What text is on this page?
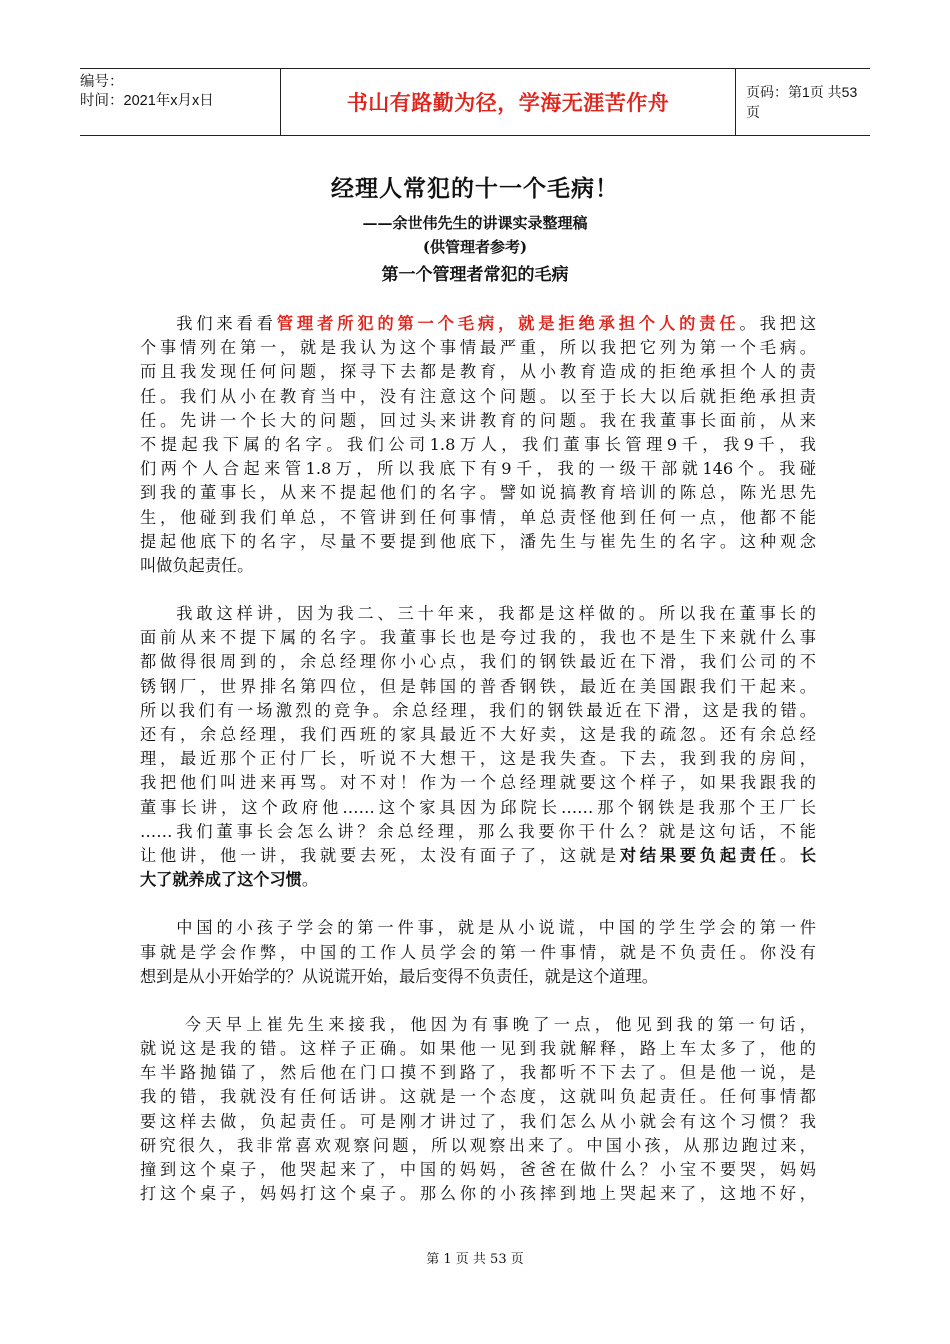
编号：
时间：2021年x月x日	书山有路勤为径，学海无涯苦作舟	页码：第1页 共53页
经理人常犯的十一个毛病！
——余世伟先生的讲课实录整理稿
(供管理者参考)
第一个管理者常犯的毛病
  我们来看看管理者所犯的第一个毛病，就是拒绝承担个人的责任。我把这
个事情列在第一，就是我认为这个事情最严重，所以我把它列为第一个毛病。
而且我发现任何问题，探寻下去都是教育，从小教育造成的拒绝承担个人的责
任。我们从小在教育当中，没有注意这个问题。以至于长大以后就拒绝承担责
任。先讲一个长大的问题，回过头来讲教育的问题。我在我董事长面前，从来
不提起我下属的名字。我们公司1.8万人，我们董事长管理9千，我9千，我
们两个人合起来管1.8万，所以我底下有9千，我的一级干部就146个。我碰
到我的董事长，从来不提起他们的名字。譬如说搞教育培训的陈总，陈光思先
生，他碰到我们单总，不管讲到任何事情，单总责怪他到任何一点，他都不能
提起他底下的名字，尽量不要提到他底下，潘先生与崔先生的名字。这种观念
叫做负起责任。
  我敢这样讲，因为我二、三十年来，我都是这样做的。所以我在董事长的
面前从来不提下属的名字。我董事长也是夸过我的，我也不是生下来就什么事
都做得很周到的，余总经理你小心点，我们的钢铁最近在下滑，我们公司的不
锈钢厂，世界排名第四位，但是韩国的普香钢铁，最近在美国跟我们干起来。
所以我们有一场激烈的竞争。余总经理，我们的钢铁最近在下滑，这是我的错。
还有，余总经理，我们西班的家具最近不大好卖，这是我的疏忽。还有余总经
理，最近那个正付厂长，听说不大想干，这是我失查。下去，我到我的房间，
我把他们叫进来再骂。对不对！作为一个总经理就要这个样子，如果我跟我的
董事长讲，这个政府他……这个家具因为邱院长……那个钢铁是我那个王厂长
……我们董事长会怎么讲？余总经理，那么我要你干什么？就是这句话，不能
让他讲，他一讲，我就要去死，太没有面子了，这就是对结果要负起责任。长
大了就养成了这个习惯。
  中国的小孩子学会的第一件事，就是从小说谎，中国的学生学会的第一件
事就是学会作弊，中国的工作人员学会的第一件事情，就是不负责任。你没有
想到是从小开始学的？从说谎开始，最后变得不负责任，就是这个道理。
   今天早上崔先生来接我，他因为有事晚了一点，他见到我的第一句话，
就说这是我的错。这样子正确。如果他一见到我就解释，路上车太多了，他的
车半路抛锚了，然后他在门口摸不到路了，我都听不下去了。但是他一说，是
我的错，我就没有任何话讲。这就是一个态度，这就叫负起责任。任何事情都
要这样去做，负起责任。可是刚才讲过了，我们怎么从小就会有这个习惯？我
研究很久，我非常喜欢观察问题，所以观察出来了。中国小孩，从那边跑过来，
撞到这个桌子，他哭起来了，中国的妈妈，爸爸在做什么？小宝不要哭，妈妈
打这个桌子，妈妈打这个桌子。那么你的小孩摔到地上哭起来了，这地不好，
第 1 页 共 53 页
